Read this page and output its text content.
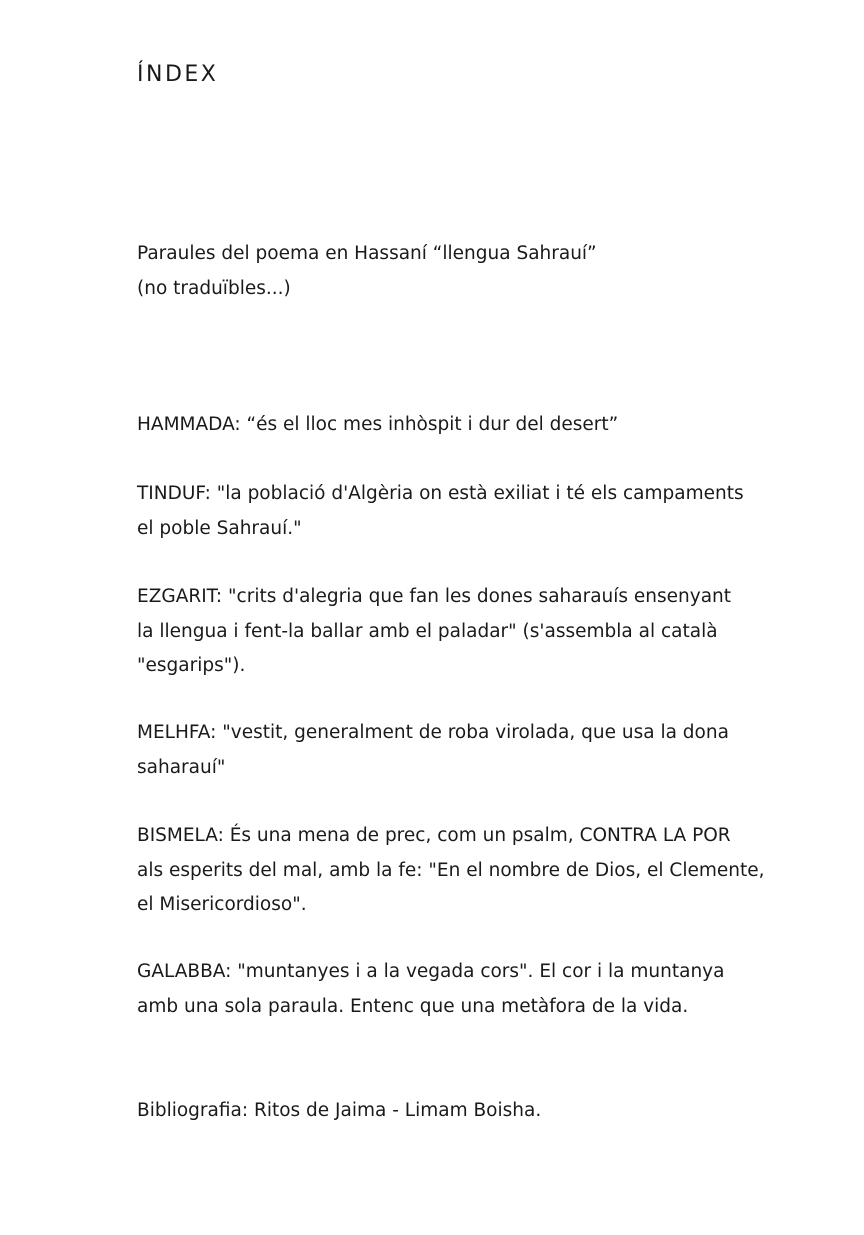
ÍNDEX

Paraules del poema en Hassaní “llengua Sahrauí”
(no traduïbles...)

HAMMADA: “és el lloc mes inhòspit i dur del desert”

TINDUF: "la població d'Algèria on està exiliat i té els campaments
el poble Sahrauí."

EZGARIT: "crits d'alegria que fan les dones saharauís ensenyant
la llengua i fent-la ballar amb el paladar" (s'assembla al català
"esgarips").

MELHFA: "vestit, generalment de roba virolada, que usa la dona
saharauí"

BISMELA: És una mena de prec, com un psalm, CONTRA LA POR
als esperits del mal, amb la fe: "En el nombre de Dios, el Clemente,
el Misericordioso".

GALABBA: "muntanyes i a la vegada cors". El cor i la muntanya
amb una sola paraula. Entenc que una metàfora de la vida.

Bibliografia: Ritos de Jaima - Limam Boisha.
